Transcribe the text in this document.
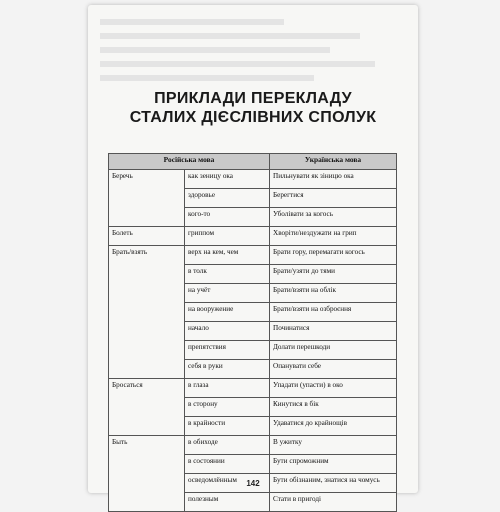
ПРИКЛАДИ ПЕРЕКЛАДУ
СТАЛИХ ДІЄСЛІВНИХ СПОЛУК
Російська мова		Українська мова
Беречь	как зеницу ока	Пильнувати як зіницю ока
	здоровье	Берегтися
	кого-то	Уболівати за когось
Болеть	гриппом	Хворіти/нездужати на грип
Брать/взять	верх на кем, чем	Брати гору, перемагати когось
	в толк	Брати/узяти до тями
	на учёт	Брати/взяти на облік
	на вооружение	Брати/взяти на озброєння
	начало	Починатися
	препятствия	Долати перешкоди
	себя в руки	Опанувати себе
Бросаться	в глаза	Упадати (упасти) в око
	в сторону	Кинутися в бік
	в крайности	Удаватися до крайнощів
Быть	в обиходе	В ужитку
	в состоянии	Бути спроможним
	осведомлённым	Бути обізнаним, знатися на чомусь
	полезным	Стати в пригоді
142
